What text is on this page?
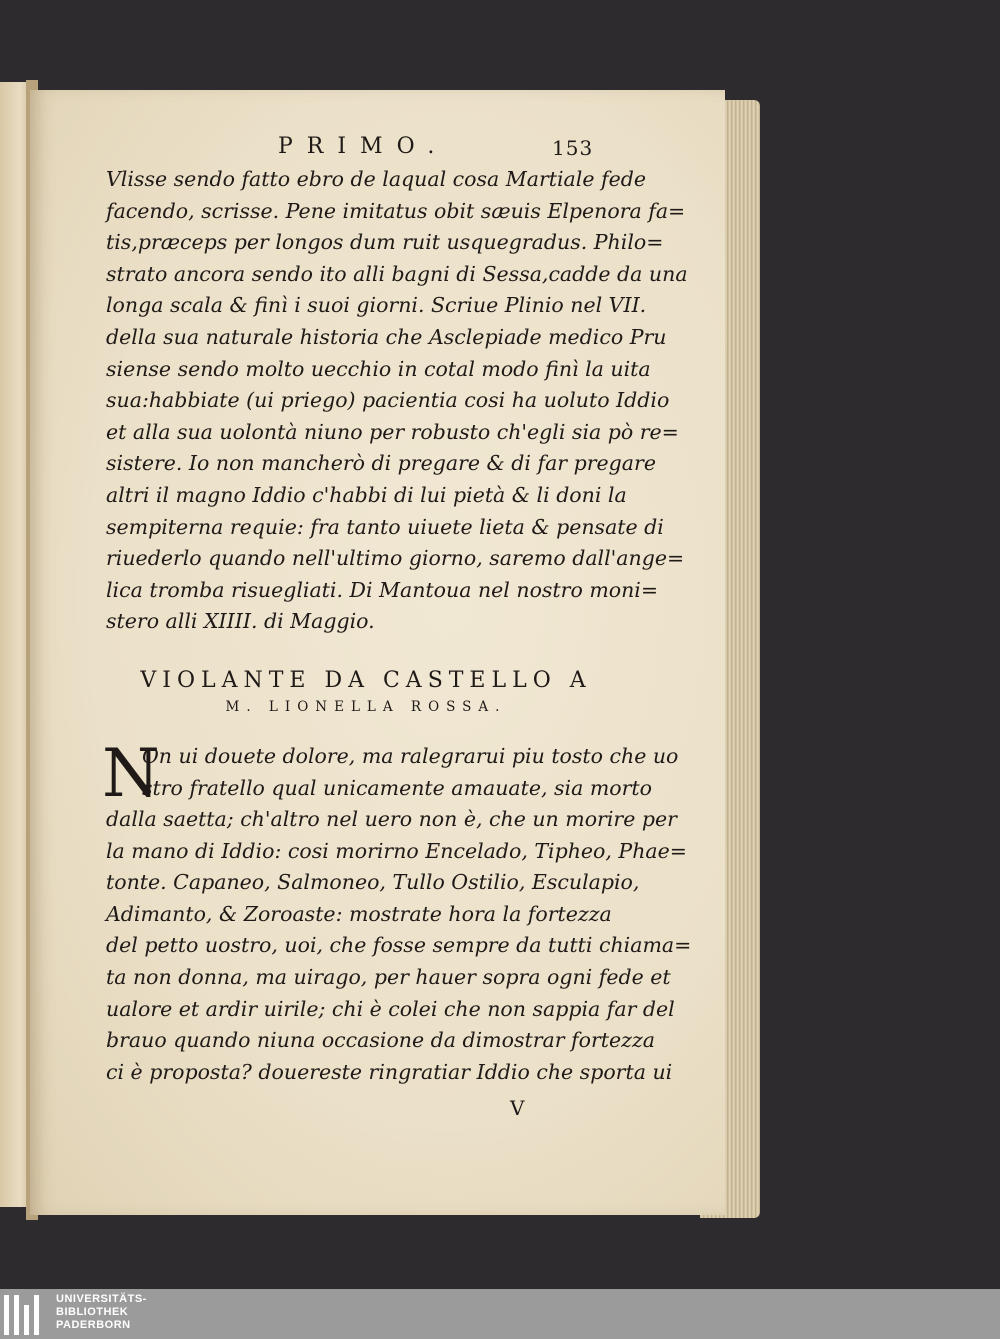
PRIMO.	153
Vlisse sendo fatto ebro de laqual cosa Martiale fede
facendo, scrisse. Pene imitatus obit sæuis Elpenora fa=
tis,præceps per longos dum ruit usquegradus. Philo=
strato ancora sendo ito alli bagni di Sessa,cadde da una
longa scala & finì i suoi giorni. Scriue Plinio nel VII.
della sua naturale historia che Asclepiade medico Pru
siense sendo molto uecchio in cotal modo finì la uita
sua:habbiate (ui priego) pacientia cosi ha uoluto Iddio
et alla sua uolontà niuno per robusto ch'egli sia pò re=
sistere. Io non mancherò di pregare & di far pregare
altri il magno Iddio c'habbi di lui pietà & li doni la
sempiterna requie: fra tanto uiuete lieta & pensate di
riuederlo quando nell'ultimo giorno, saremo dall'ange=
lica tromba risuegliati. Di Mantoua nel nostro moni=
stero alli XIIII. di Maggio.
VIOLANTE DA CASTELLO A
M. LIONELLA ROSSA.
N
On ui douete dolore, ma ralegrarui piu tosto che uo
stro fratello qual unicamente amauate, sia morto
dalla saetta; ch'altro nel uero non è, che un morire per
la mano di Iddio: cosi morirno Encelado, Tipheo, Phae=
tonte. Capaneo, Salmoneo, Tullo Ostilio, Esculapio,
Adimanto, & Zoroaste: mostrate hora la fortezza
del petto uostro, uoi, che fosse sempre da tutti chiama=
ta non donna, ma uirago, per hauer sopra ogni fede et
ualore et ardir uirile; chi è colei che non sappia far del
brauo quando niuna occasione da dimostrar fortezza
ci è proposta? douereste ringratiar Iddio che sporta ui
V
UNIVERSITÄTS-
BIBLIOTHEK
PADERBORN
